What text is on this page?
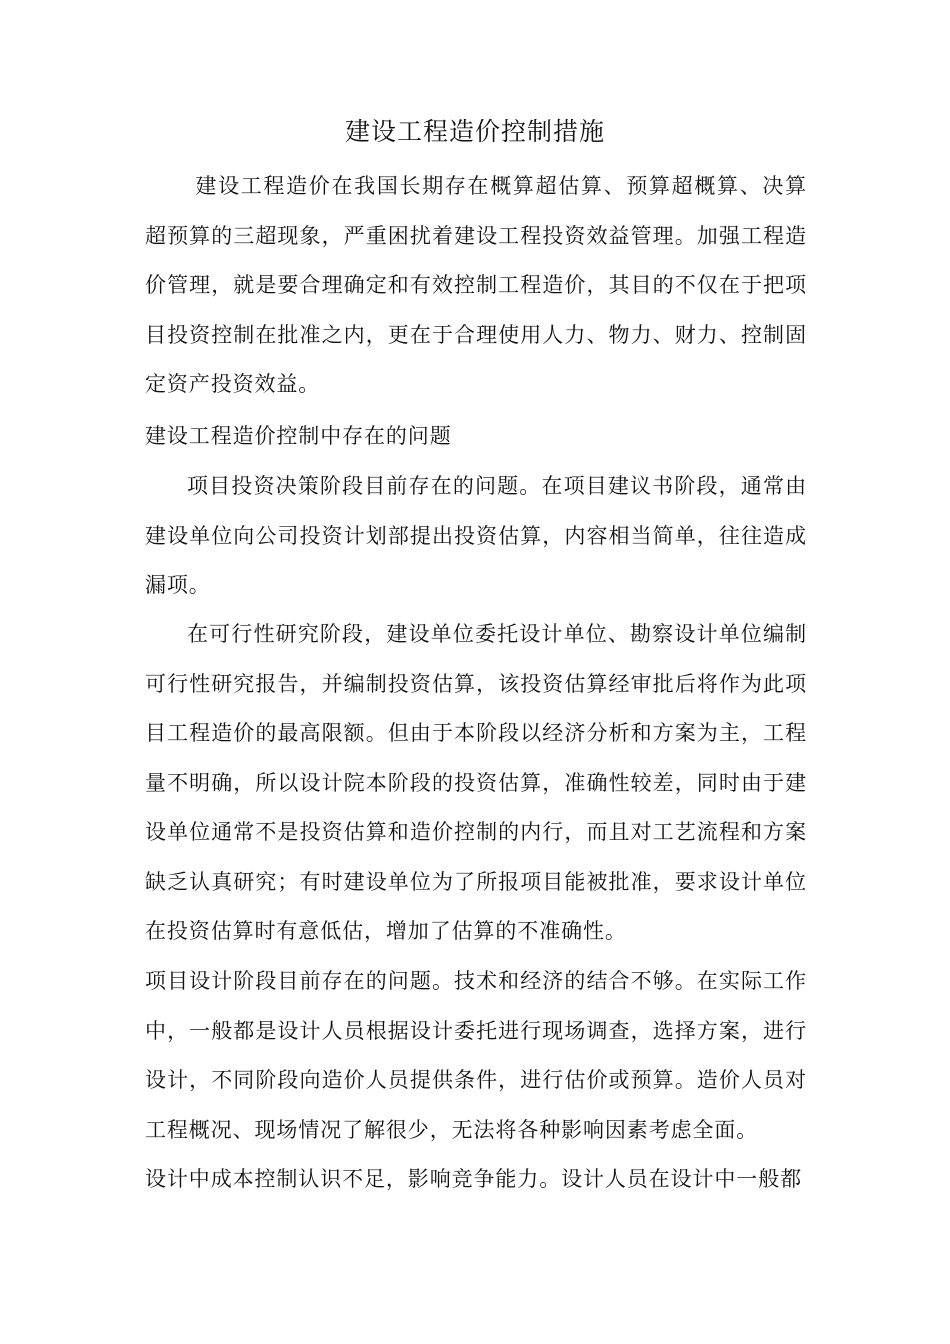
建设工程造价控制措施

建设工程造价在我国长期存在概算超估算、预算超概算、决算超预算的三超现象，严重困扰着建设工程投资效益管理。加强工程造价管理，就是要合理确定和有效控制工程造价，其目的不仅在于把项目投资控制在批准之内，更在于合理使用人力、物力、财力、控制固定资产投资效益。

建设工程造价控制中存在的问题

项目投资决策阶段目前存在的问题。在项目建议书阶段，通常由建设单位向公司投资计划部提出投资估算，内容相当简单，往往造成漏项。

在可行性研究阶段，建设单位委托设计单位、勘察设计单位编制可行性研究报告，并编制投资估算，该投资估算经审批后将作为此项目工程造价的最高限额。但由于本阶段以经济分析和方案为主，工程量不明确，所以设计院本阶段的投资估算，准确性较差，同时由于建设单位通常不是投资估算和造价控制的内行，而且对工艺流程和方案缺乏认真研究；有时建设单位为了所报项目能被批准，要求设计单位在投资估算时有意低估，增加了估算的不准确性。

项目设计阶段目前存在的问题。技术和经济的结合不够。在实际工作中，一般都是设计人员根据设计委托进行现场调查，选择方案，进行设计，不同阶段向造价人员提供条件，进行估价或预算。造价人员对工程概况、现场情况了解很少，无法将各种影响因素考虑全面。

设计中成本控制认识不足，影响竞争能力。设计人员在设计中一般都
